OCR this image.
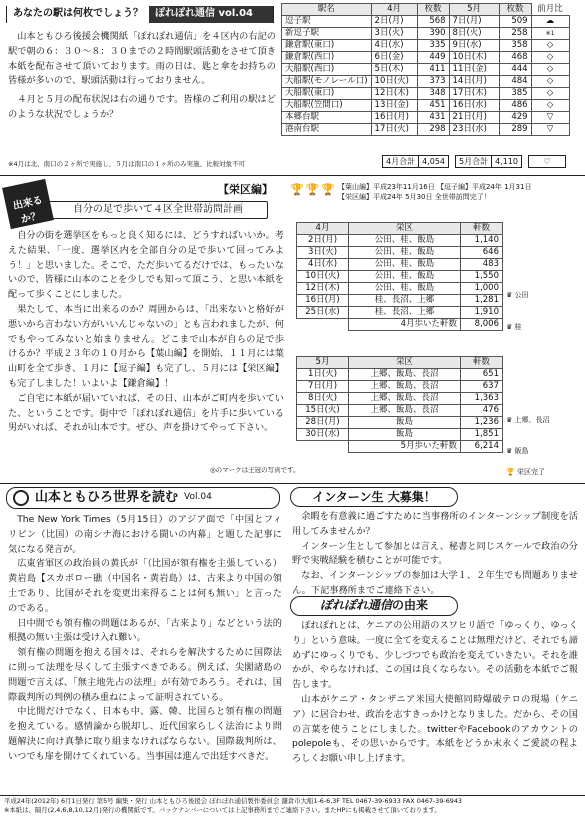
あなたの駅は何枚でしょう？	ぽれぽれ通信 vol.04

山本ともひろ後援会機関紙「ぽれぽれ通信」を４区内の右記の駅で朝の６：３０～８：３０までの２時間駅頭活動をさせて頂き本紙を配布させて頂いております。雨の日は、匙と傘をお持ちの皆様が多いので、駅頭活動は行っておりません。

４月と５月の配布状況は右の通りです。皆様のご利用の駅はどのような状況でしょうか？

※4月は北、南口の２ヶ所で実施し、５月は南口の１ヶ所のみ実施、比較対象不可
駅名	4月	枚数	5月	枚数	前月比
逗子駅	2日(月)	568	7日(月)	509	☁
新逗子駅	3日(火)	390	8日(火)	258	※1
鎌倉駅(東口)	4日(水)	335	9日(水)	358	◇
鎌倉駅(西口)	6日(金)	449	10日(木)	468	◇
大船駅(西口)	5日(木)	411	11日(金)	444	◇
大船駅(モノレール口)	10日(火)	373	14日(月)	484	◇
大船駅(東口)	12日(木)	348	17日(木)	385	◇
大船駅(笠間口)	13日(金)	451	16日(水)	486	◇
本郷台駅	16日(月)	431	21日(月)	429	▽
港南台駅	17日(火)	298	23日(水)	289	▽
4月合計 4,054	5月合計 4,110	♡
出来るか？
自分の足で歩いて４区全世帯訪問計画
【栄区編】 🏆🏆🏆 【葉山編】平成23年11月16日 【逗子編】平成24年 1月31日
【栄区編】平成24年 5月30日 全世帯訪問完了！

自分の街を選挙区をもっと良く知るには、どうすればいいか。考えた結果、「一度、選挙区内を全部自分の足で歩いて回ってみよう！」と思いました。そこで、ただ歩いてるだけでは、もったいないので、皆様に山本のことを少しでも知って頂こう、と思い本紙を配って歩くことにしました。

果たして、本当に出来るのか？周囲からは、「出来ないと格好が悪いから言わない方がいいんじゃないの」とも言われましたが、何でもやってみないと始まりません。どこまで山本が自らの足で歩けるか？平成２３年の１０月から【葉山編】を開始、１１月には葉山町を全て歩き、１月に【逗子編】も完了し、５月には【栄区編】も完了しました！いよいよ【鎌倉編】！

ご自宅に本紙が届いていれば、その日、山本がご町内を歩いていた、ということです。街中で「ぽれぽれ通信」を片手に歩いている男がいれば、それが山本です。ぜひ、声を掛けてやって下さい。

◎のマークは王冠の写真です。
4月	栄区	軒数
2日(月)	公田、桂、飯島	1,140
3日(火)	公田、桂、飯島	646
4日(水)	公田、桂、飯島	483
10日(火)	公田、桂、飯島	1,550
12日(木)	公田、桂、飯島	1,000
16日(月)	桂、長沼、上郷	1,281
25日(水)	桂、長沼、上郷	1,910
	4月歩いた軒数	8,006
♛ 公田
♛ 桂
5月	栄区	軒数
1日(火)	上郷、飯島、長沼	651
7日(月)	上郷、飯島、長沼	637
8日(火)	上郷、飯島、長沼	1,363
15日(火)	上郷、飯島、長沼	476
28日(月)	飯島	1,236
30日(水)	飯島	1,851
	5月歩いた軒数	6,214
♛ 上郷、長沼
♛ 飯島
🏆 栄区完了
山本ともひろ世界を読む Vol.04

The New York Times（5月15日）のアジア面で「中国とフィリピン（比国）の南シナ海における闘いの内幕」と題した記事に気になる発言が。

広東省軍区の政治員の黄氏が「（比国が領有権を主張している）黄岩島【スカボロー礁（中国名・黄岩島）は、古来より中国の領土であり、比国がそれを変更出来得ることは何も無い」と言ったのである。

日中間でも領有権の問題はあるが、「古来より」などという法的根拠の無い主張は受け入れ難い。

領有権の問題を抱える国々は、それらを解決するために国際法に則って法理を尽くして主張すべきである。例えば、尖閣諸島の問題で言えば、「無主地先占の法理」が有効であろう。それは、国際裁判所の判例の積み重ねによって証明されている。

中比間だけでなく、日本も中、露、韓、比国らと領有権の問題を抱えている。感情論から脱却し、近代国家らしく法治により問題解決に向け真摯に取り組まなければならない。国際裁判所は、いつでも扉を開けてくれている。当事国は進んで出廷すべきだ。

インターン生 大募集！

余暇を有意義に過ごすために当事務所のインターンシップ制度を活用してみませんか？

インターン生として参加とは言え、秘書と同じスケールで政治の分野で実戦経験を積むことが可能です。

なお、インターンシップの参加は大学１、２年生でも問題ありません。下記事務所までご連絡下さい。

ぽれぽれ通信 の由来

ぽれぽれとは、ケニアの公用語のスワヒリ語で「ゆっくり、ゆっくり」という意味。一度に全てを変えることは無理だけど、それでも諦めずにゆっくりでも、少しづつでも政治を変えていきたい。それを誰かが、やらなければ、この国は良くならない。その活動を本紙でご報告します。

山本がケニア・タンザニア米国大使館同時爆破テロの現場（ケニア）に居合わせ、政治を志すきっかけとなりました。だから、その国の言葉を使うことにしました。twitterやFacebookのアカウントのpolepoleも、その思いからです。本紙をどうか末永くご愛読の程よろしくお願い申し上げます。

平成24年(2012年) 6月1日発行 第5号 編集・発行 山本ともひろ後援会 ぽれぽれ通信製作委員会 鎌倉市大船1-6-6,3F TEL 0467-39-6933 FAX 0467-39-6943
※本紙は、隔月(2,4,6,8,10,12月)発行の機関紙です。バックナンバーについては上記事務所までご連絡下さい。またHPにも掲載させて頂いております。
